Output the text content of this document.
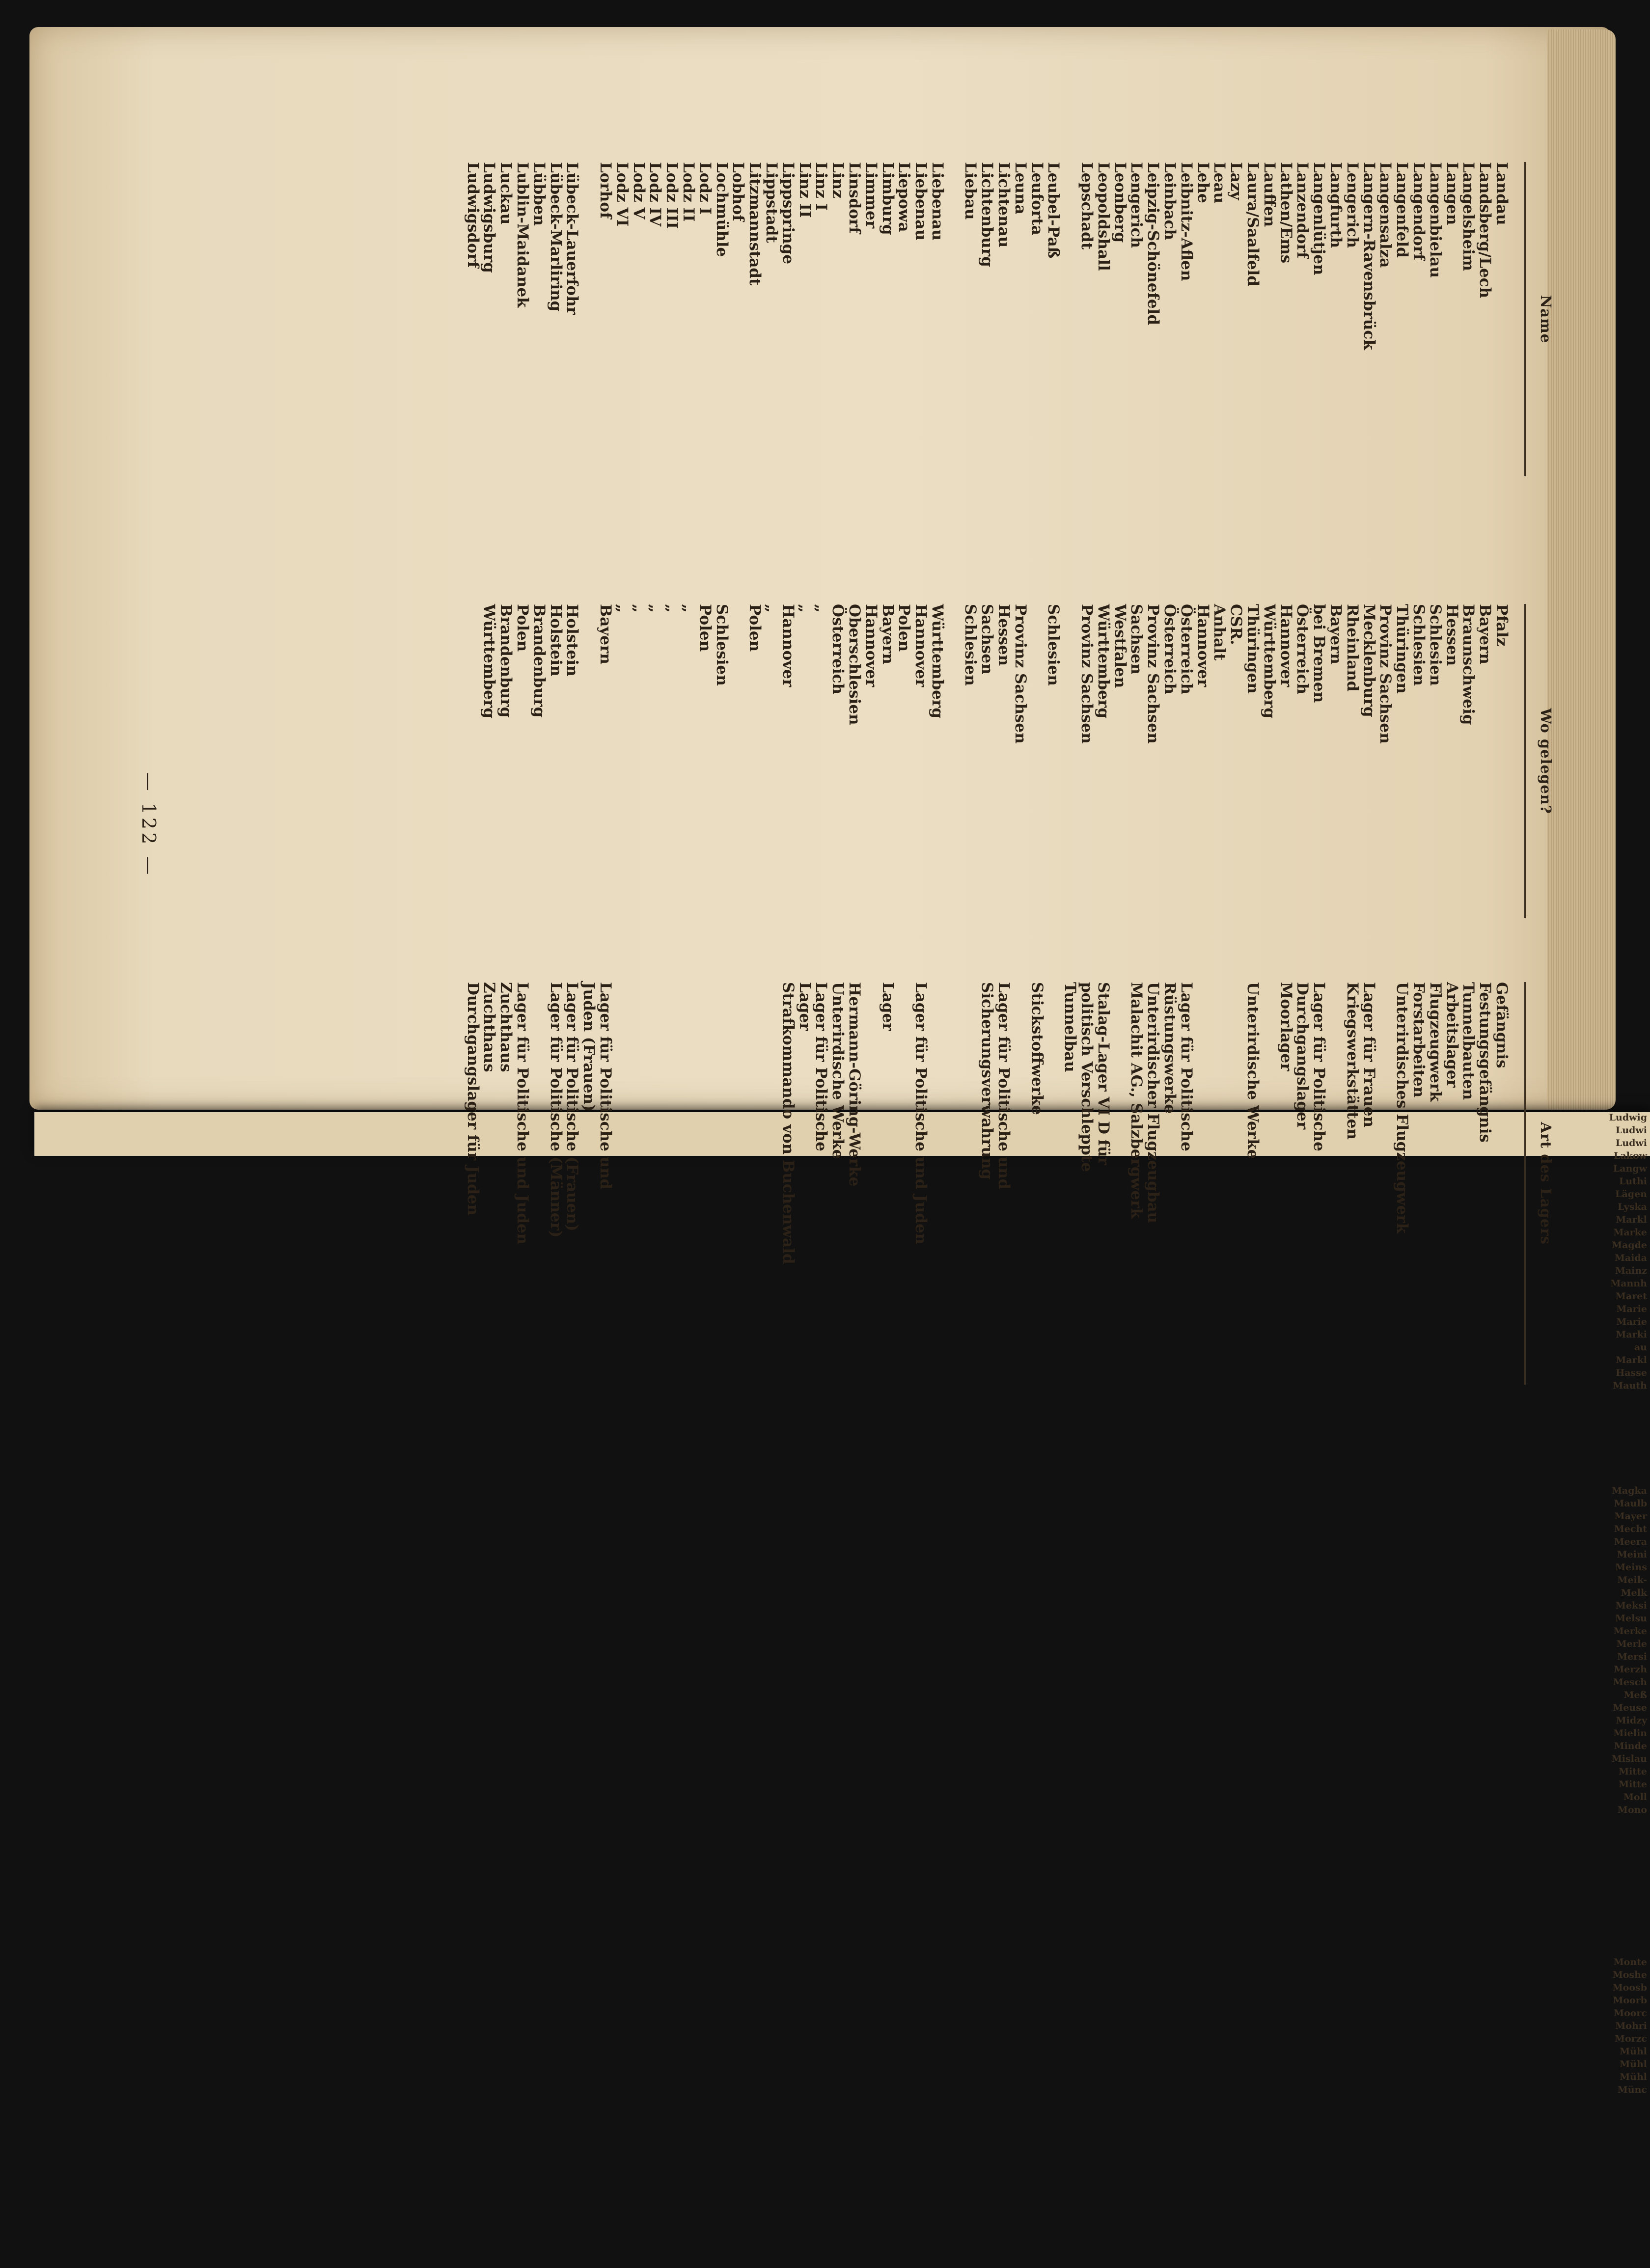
Name
Landau
Landsberg/Lech
Langelsheim
Langen
Langenbielau
Langendorf
Langenfeld
Langensalza
Langern-Ravensbrück
Lengerich
Langfurth
Langenlütjen
Lanzendorf
Lathen/Ems
Lauffen
Laura/Saalfeld
Lazy
Leau
Lehe
Leibnitz-Aflen
Leinbach
Leipzig-Schönefeld
Lengerich
Leonberg
Leopoldshall
Lepschadt
Leubel-Paß
Leuforta
Leuna
Lichtenau
Lichtenburg
Liebau
Liebenau
Liebenau
Liepowa
Limburg
Limmer
Linsdorf
Linz
Linz I
Linz II
Lippspringe
Lippstadt
Litzmannstadt
Lobhof
Lochmühle
Lodz I
Lodz II
Lodz III
Lodz IV
Lodz V
Lodz VI
Lorhof
Lübeck-Lauerfohr
Lübeck-Marliring
Lübben
Lublin-Maidanek
Luckau
Ludwigsburg
Ludwigsdorf
Wo gelegen?
Pfalz
Bayern
Braunschweig
Hessen
Schlesien
Schlesien
Thüringen
Provinz Sachsen
Mecklenburg
Rheinland
Bayern
bei Bremen
Österreich
Hannover
Württemberg
Thüringen
CSR.
Anhalt
Hannover
Österreich
Österreich
Provinz Sachsen
Sachsen
Westfalen
Württemberg
Provinz Sachsen
Schlesien
Provinz Sachsen
Hessen
Sachsen
Schlesien
Württemberg
Hannover
Polen
Bayern
Hannover
Oberschlesien
Österreich
„
„
Hannover
„
Polen
Schlesien
Polen
„
„
„
„
„
Bayern
Holstein
Holstein
Brandenburg
Polen
Brandenburg
Württemberg
Art des Lagers
Gefängnis
Festungsgefängnis
Tunnelbauten
Arbeitslager
Flugzeugwerk
Forstarbeiten
Unterirdisches Flugzeugwerk
Lager für Frauen
Kriegswerkstätten
Lager für Politische
Durchgangslager
Moorlager
Unterirdische Werke
Lager für Politische
Rüstungswerke
Unterirdischer Flugzeugbau
Malachit AG., Salzbergwerk
Stalag-Lager VI D für
politisch Verschleppte
Tunnelbau
Stickstoffwerke
Lager für Politische und
Sicherungsverwahrung
Lager für Politische und Juden
Lager
Hermann-Göring-Werke
Unterirdische Werke
Lager für Politische
Lager
Strafkommando von Buchenwald
Lager für Politische und
Juden (Frauen)
Lager für Politische (Frauen)
Lager für Politische (Männer)
Lager für Politische und Juden
Zuchthaus
Zuchthaus
Durchgangslager für Juden
— 122 —
Ludwig
Ludwi
Ludwi
Lakow
Langw
Luthi
Lägen
Lyska
Markl
Marke
Magde
Maida
Mainz
Mannh
Maret
Marie
Marie
Marki
au
Markl
Hasse
Mauth
Magka
Maulb
Mayer
Mecht
Meera
Meini
Meins
Meik-
Melk
Meksi
Melsu
Merke
Merle
Mersi
Merzh
Mesch
Meß
Meuse
Midzy
Mielin
Minde
Mislau
Mitte
Mitte
Moll
Mono
Monte
Moshe
Moosb
Moorb
Moorc
Mohri
Morzc
Mühl
Mühl
Mühl
Münc
